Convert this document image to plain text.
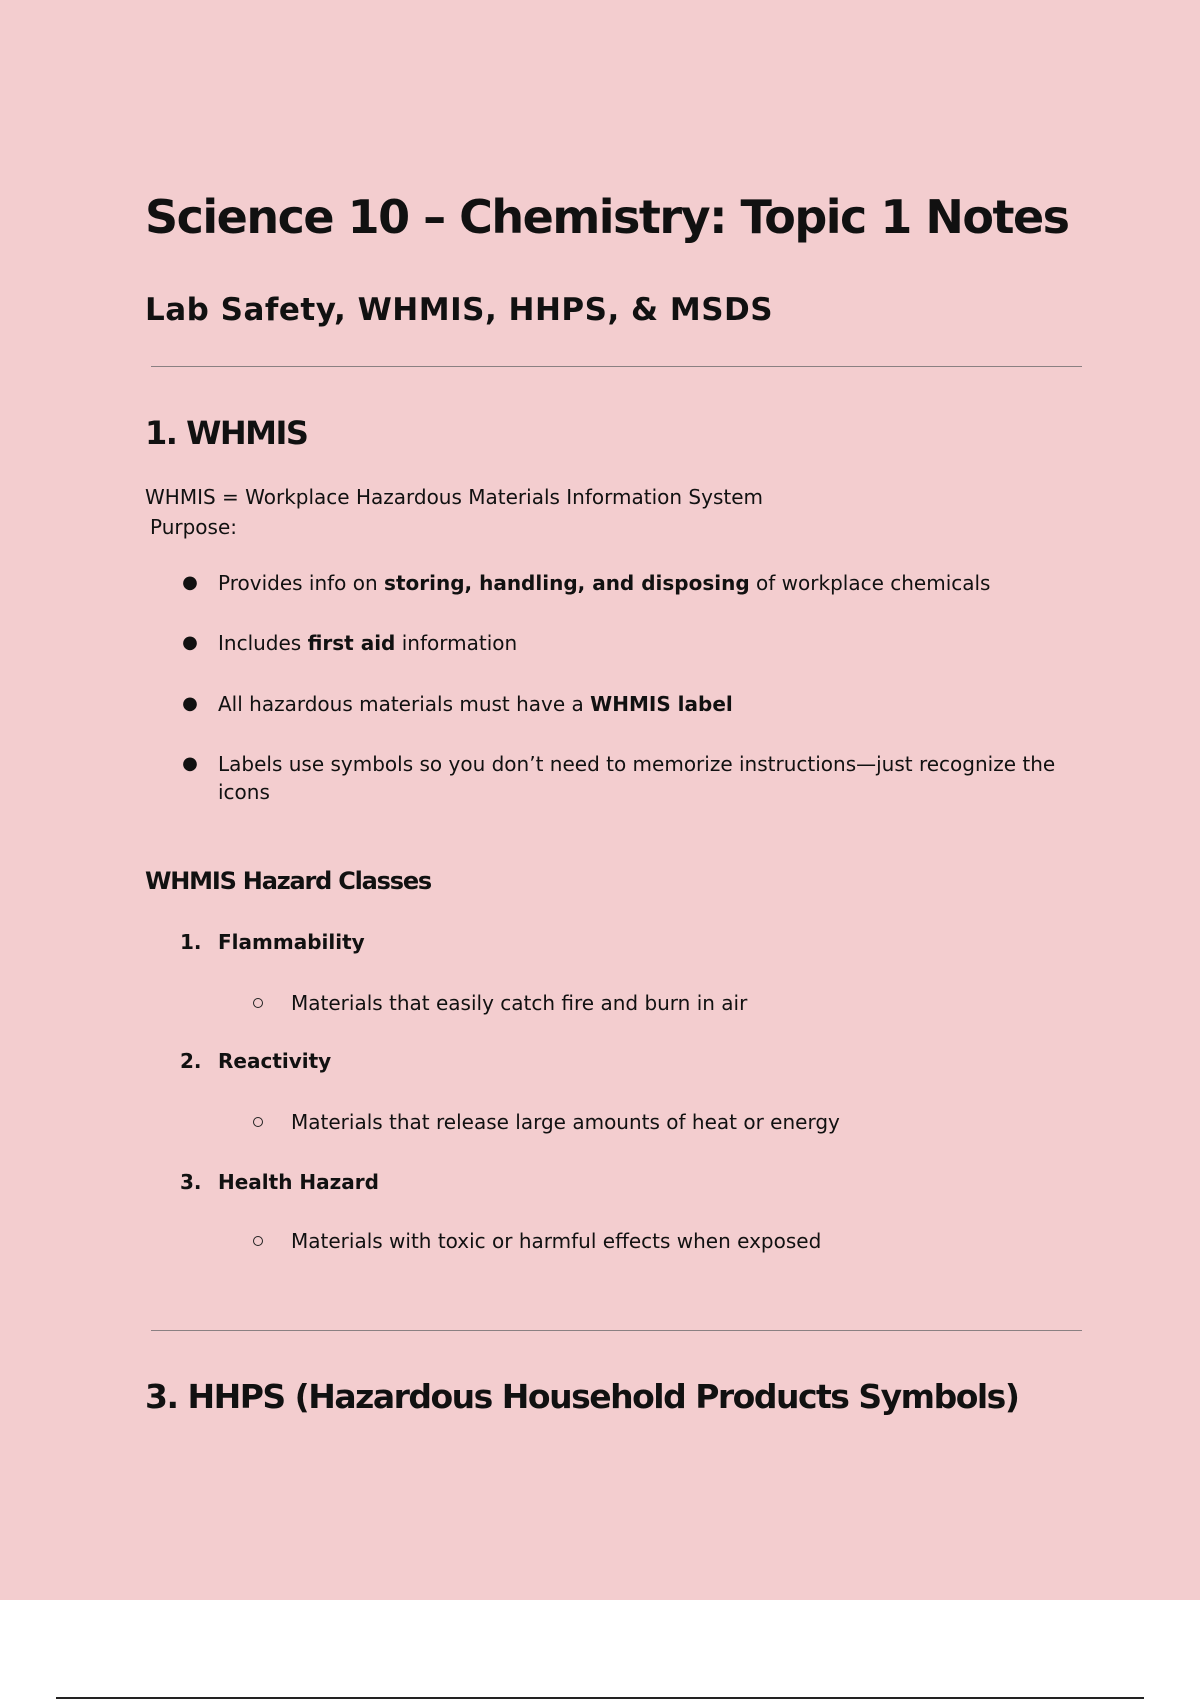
Science 10 – Chemistry: Topic 1 Notes
Lab Safety, WHMIS, HHPS, & MSDS
1. WHMIS

WHMIS = Workplace Hazardous Materials Information System

Purpose:

● Provides info on storing, handling, and disposing of workplace chemicals
● Includes first aid information
● All hazardous materials must have a WHMIS label
● Labels use symbols so you don’t need to memorize instructions—just recognize the icons
WHMIS Hazard Classes
1. Flammability
Materials that easily catch fire and burn in air
2. Reactivity
Materials that release large amounts of heat or energy
3. Health Hazard
Materials with toxic or harmful effects when exposed
3. HHPS (Hazardous Household Products Symbols)
